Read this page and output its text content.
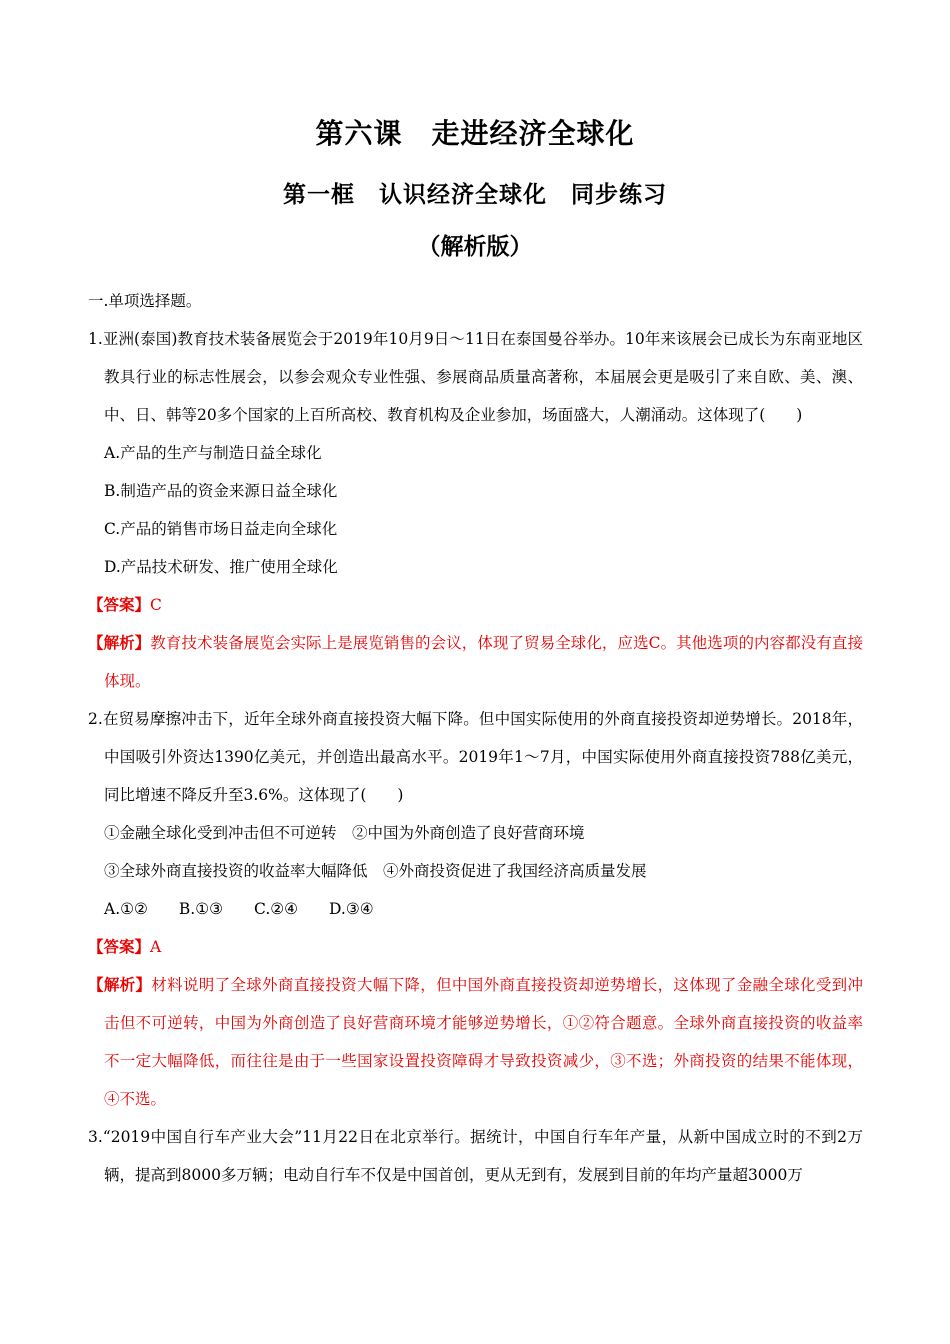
第六课　走进经济全球化
第一框　认识经济全球化　同步练习
（解析版）

一.单项选择题。

1.亚洲(泰国)教育技术装备展览会于2019年10月9日～11日在泰国曼谷举办。10年来该展会已成长为东南亚地区教具行业的标志性展会，以参会观众专业性强、参展商品质量高著称，本届展会更是吸引了来自欧、美、澳、中、日、韩等20多个国家的上百所高校、教育机构及企业参加，场面盛大，人潮涌动。这体现了(　　)

A.产品的生产与制造日益全球化

B.制造产品的资金来源日益全球化

C.产品的销售市场日益走向全球化

D.产品技术研发、推广使用全球化

【答案】C

【解析】教育技术装备展览会实际上是展览销售的会议，体现了贸易全球化，应选C。其他选项的内容都没有直接体现。

2.在贸易摩擦冲击下，近年全球外商直接投资大幅下降。但中国实际使用的外商直接投资却逆势增长。2018年，中国吸引外资达1390亿美元，并创造出最高水平。2019年1～7月，中国实际使用外商直接投资788亿美元，同比增速不降反升至3.6%。这体现了(　　)

①金融全球化受到冲击但不可逆转　②中国为外商创造了良好营商环境

③全球外商直接投资的收益率大幅降低　④外商投资促进了我国经济高质量发展

A.①②　　B.①③　　C.②④　　D.③④

【答案】A

【解析】材料说明了全球外商直接投资大幅下降，但中国外商直接投资却逆势增长，这体现了金融全球化受到冲击但不可逆转，中国为外商创造了良好营商环境才能够逆势增长，①②符合题意。全球外商直接投资的收益率不一定大幅降低，而往往是由于一些国家设置投资障碍才导致投资减少，③不选；外商投资的结果不能体现，④不选。

3.“2019中国自行车产业大会”11月22日在北京举行。据统计，中国自行车年产量，从新中国成立时的不到2万辆，提高到8000多万辆；电动自行车不仅是中国首创，更从无到有，发展到目前的年均产量超3000万
